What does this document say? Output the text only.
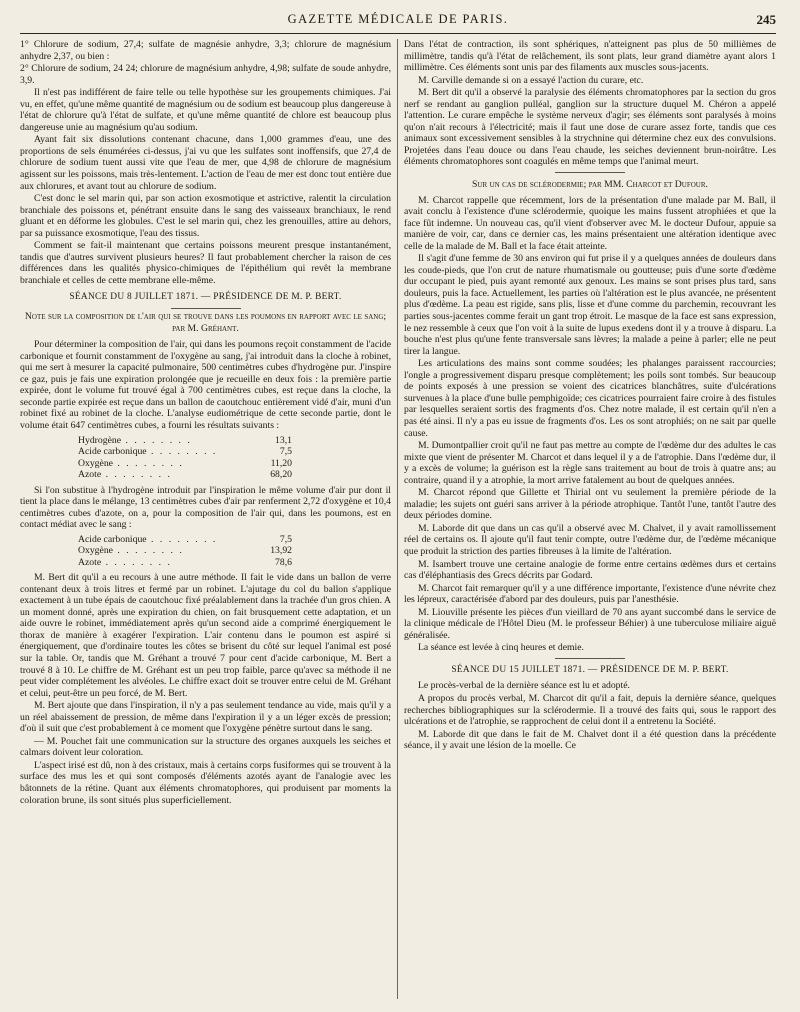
GAZETTE MÉDICALE DE PARIS.	245

1° Chlorure de sodium, 27,4; sulfate de magnésie anhydre, 3,3; chlorure de magnésium anhydre 2,37, ou bien :

2° Chlorure de sodium, 24 24; chlorure de magnésium anhydre, 4,98; sulfate de soude anhydre, 3,9.

Il n'est pas indifférent de faire telle ou telle hypothèse sur les groupements chimiques. J'ai vu, en effet, qu'une même quantité de magnésium ou de sodium est beaucoup plus dangereuse à l'état de chlorure qu'à l'état de sulfate, et qu'une même quantité de chlore est beaucoup plus dangereuse unie au magnésium qu'au sodium.

Ayant fait six dissolutions contenant chacune, dans 1,000 grammes d'eau, une des proportions de sels énumérées ci-dessus, j'ai vu que les sulfates sont inoffensifs, que 27,4 de chlorure de sodium tuent aussi vite que l'eau de mer, que 4,98 de chlorure de magnésium agissent sur les poissons, mais très-lentement. L'action de l'eau de mer est donc tout entière due aux chlorures, et avant tout au chlorure de sodium.

C'est donc le sel marin qui, par son action exosmotique et astrictive, ralentit la circulation branchiale des poissons et, pénétrant ensuite dans le sang des vaisseaux branchiaux, le rend gluant et en déforme les globules. C'est le sel marin qui, chez les grenouilles, attire au dehors, par sa puissance exosmotique, l'eau des tissus.

Comment se fait-il maintenant que certains poissons meurent presque instantanément, tandis que d'autres survivent plusieurs heures? Il faut probablement chercher la raison de ces différences dans les qualités physico-chimiques de l'épithélium qui revêt la membrane branchiale et celles de cette membrane elle-même.

SÉANCE DU 8 JUILLET 1871. — PRÉSIDENCE DE M. P. BERT.

Note sur la composition de l'air qui se trouve dans les poumons en rapport avec le sang; par M. Gréhant.

Pour déterminer la composition de l'air, qui dans les poumons reçoit constamment de l'acide carbonique et fournit constamment de l'oxygène au sang, j'ai introduit dans la cloche à robinet, qui me sert à mesurer la capacité pulmonaire, 500 centimètres cubes d'hydrogène pur. J'inspire ce gaz, puis je fais une expiration prolongée que je recueille en deux fois : la première partie expirée, dont le volume fut trouvé égal à 700 centimètres cubes, est reçue dans la cloche, la seconde partie expirée est reçue dans un ballon de caoutchouc entièrement vidé d'air, muni d'un robinet fixé au robinet de la cloche. L'analyse eudiométrique de cette seconde partie, dont le volume était 647 centimètres cubes, a fourni les résultats suivants :

Hydrogène . . .	13,1
Acide carbonique . . .	7,5
Oxygène . . .	11,20
Azote . . .	68,20

Si l'on substitue à l'hydrogène introduit par l'inspiration le même volume d'air pur dont il tient la place dans le mélange, 13 centimètres cubes d'air par renferment 2,72 d'oxygène et 10,4 centimètres cubes d'azote, on a, pour la composition de l'air qui, dans les poumons, est en contact médiat avec le sang :

Acide carbonique . . .	7,5
Oxygène . . .	13,92
Azote . . .	78,6

M. Bert dit qu'il a eu recours à une autre méthode. Il fait le vide dans un ballon de verre contenant deux à trois litres et fermé par un robinet. L'ajutage du col du ballon s'applique exactement à un tube épais de caoutchouc fixé préalablement dans la trachée d'un gros chien. A un moment donné, après une expiration du chien, on fait brusquement cette adaptation, et un aide ouvre le robinet, immédiatement après qu'un second aide a comprimé énergiquement le thorax de manière à exagérer l'expiration. L'air contenu dans le poumon est aspiré si énergiquement, que d'ordinaire toutes les côtes se brisent du côté sur lequel l'animal est posé sur la table. Or, tandis que M. Gréhant a trouvé 7 pour cent d'acide carbonique, M. Bert a trouvé 8 à 10. Le chiffre de M. Gréhant est un peu trop faible, parce qu'avec sa méthode il ne peut vider complétement les alvéoles. Le chiffre exact doit se trouver entre celui de M. Gréhant et celui, peut-être un peu forcé, de M. Bert.

M. Bert ajoute que dans l'inspiration, il n'y a pas seulement tendance au vide, mais qu'il y a un réel abaissement de pression, de même dans l'expiration il y a un léger excès de pression; d'où il suit que c'est probablement à ce moment que l'oxygène pénètre surtout dans le sang.

— M. Pouchet fait une communication sur la structure des organes auxquels les seiches et calmars doivent leur coloration.

L'aspect irisé est dû, non à des cristaux, mais à certains corps fusiformes qui se trouvent à la surface des mus les et qui sont composés d'éléments azotés ayant de l'analogie avec les bâtonnets de la rétine. Quant aux éléments chromatophores, qui produisent par moments la coloration brune, ils sont situés plus superficiellement.

Dans l'état de contraction, ils sont sphériques, n'atteignent pas plus de 50 millièmes de millimètre, tandis qu'à l'état de relâchement, ils sont plats, leur grand diamètre ayant alors 1 millimètre. Ces éléments sont unis par des filaments aux muscles sous-jacents.

M. Carville demande si on a essayé l'action du curare, etc.

M. Bert dit qu'il a observé la paralysie des éléments chromatophores par la section du gros nerf se rendant au ganglion pulléal, ganglion sur la structure duquel M. Chéron a appelé l'attention. Le curare empêche le système nerveux d'agir; ses éléments sont paralysés à moins qu'on n'ait recours à l'électricité; mais il faut une dose de curare assez forte, tandis que ces animaux sont excessivement sensibles à la strychnine qui détermine chez eux des convulsions. Projetées dans l'eau douce ou dans l'eau chaude, les seiches deviennent brun-noirâtre. Les éléments chromatophores sont coagulés en même temps que l'animal meurt.

Sur un cas de sclérodermie; par MM. Charcot et Dufour.

M. Charcot rappelle que récemment, lors de la présentation d'une malade par M. Ball, il avait conclu à l'existence d'une sclérodermie, quoique les mains fussent atrophiées et que la face fût indemne. Un nouveau cas, qu'il vient d'observer avec M. le docteur Dufour, appuie sa manière de voir, car, dans ce dernier cas, les mains présentaient une altération identique avec celle de la malade de M. Ball et la face était atteinte.

Il s'agit d'une femme de 30 ans environ qui fut prise il y a quelques années de douleurs dans les coude-pieds, que l'on crut de nature rhumatismale ou goutteuse; puis d'une sorte d'œdème dur occupant le pied, puis ayant remonté aux genoux. Les mains se sont prises plus tard, sans douleurs, puis la face. Actuellement, les parties où l'altération est le plus avancée, ne présentent plus d'œdème. La peau est rigide, sans plis, lisse et d'une comme du parchemin, recouvrant les parties sous-jacentes comme ferait un gant trop étroit. Le masque de la face est sans expression, le nez ressemble à ceux que l'on voit à la suite de lupus exedens dont il y a trouve à disparu. La bouche n'est plus qu'une fente transversale sans lèvres; la malade a peine à parler; elle ne peut tirer la langue.

Les articulations des mains sont comme soudées; les phalanges paraissent raccourcies; l'ongle a progressivement disparu presque complètement; les poils sont tombés. Sur beaucoup de points exposés à une pression se voient des cicatrices blanchâtres, suite d'ulcérations survenues à la place d'une bulle pemphigoïde; ces cicatrices pourraient faire croire à des fistules par lesquelles seraient sortis des fragments d'os. Chez notre malade, il est certain qu'il n'en a pas été ainsi. Il n'y a pas eu issue de fragments d'os. Les os sont atrophiés; on ne sait par quelle cause.

M. Dumontpallier croit qu'il ne faut pas mettre au compte de l'œdème dur des adultes le cas mixte que vient de présenter M. Charcot et dans lequel il y a de l'atrophie. Dans l'œdème dur, il y a excès de volume; la guérison est la règle sans traitement au bout de trois à quatre ans; au contraire, quand il y a atrophie, la mort arrive fatalement au bout de quelques années.

M. Charcot répond que Gillette et Thirial ont vu seulement la première période de la maladie; les sujets ont guéri sans arriver à la période atrophique. Tantôt l'une, tantôt l'autre des deux périodes domine.

M. Laborde dit que dans un cas qu'il a observé avec M. Chalvet, il y avait ramollissement réel de certains os. Il ajoute qu'il faut tenir compte, outre l'œdème dur, de l'œdème mécanique que produit la striction des parties fibreuses à la limite de l'altération.

M. Isambert trouve une certaine analogie de forme entre certains œdèmes durs et certains cas d'éléphantiasis des Grecs décrits par Godard.

M. Charcot fait remarquer qu'il y a une différence importante, l'existence d'une névrite chez les lépreux, caractérisée d'abord par des douleurs, puis par l'anesthésie.

M. Liouville présente les pièces d'un vieillard de 70 ans ayant succombé dans le service de la clinique médicale de l'Hôtel Dieu (M. le professeur Béhier) à une tuberculose miliaire aiguë généralisée.

La séance est levée à cinq heures et demie.

SÉANCE DU 15 JUILLET 1871. — PRÉSIDENCE DE M. P. BERT.

Le procès-verbal de la dernière séance est lu et adopté.

A propos du procès verbal, M. Charcot dit qu'il a fait, depuis la dernière séance, quelques recherches bibliographiques sur la sclérodermie. Il a trouvé des faits qui, sous le rapport des ulcérations et de l'atrophie, se rapprochent de celui dont il a entretenu la Société.

M. Laborde dit que dans le fait de M. Chalvet dont il a été question dans la précédente séance, il y avait une lésion de la moelle. Ce
